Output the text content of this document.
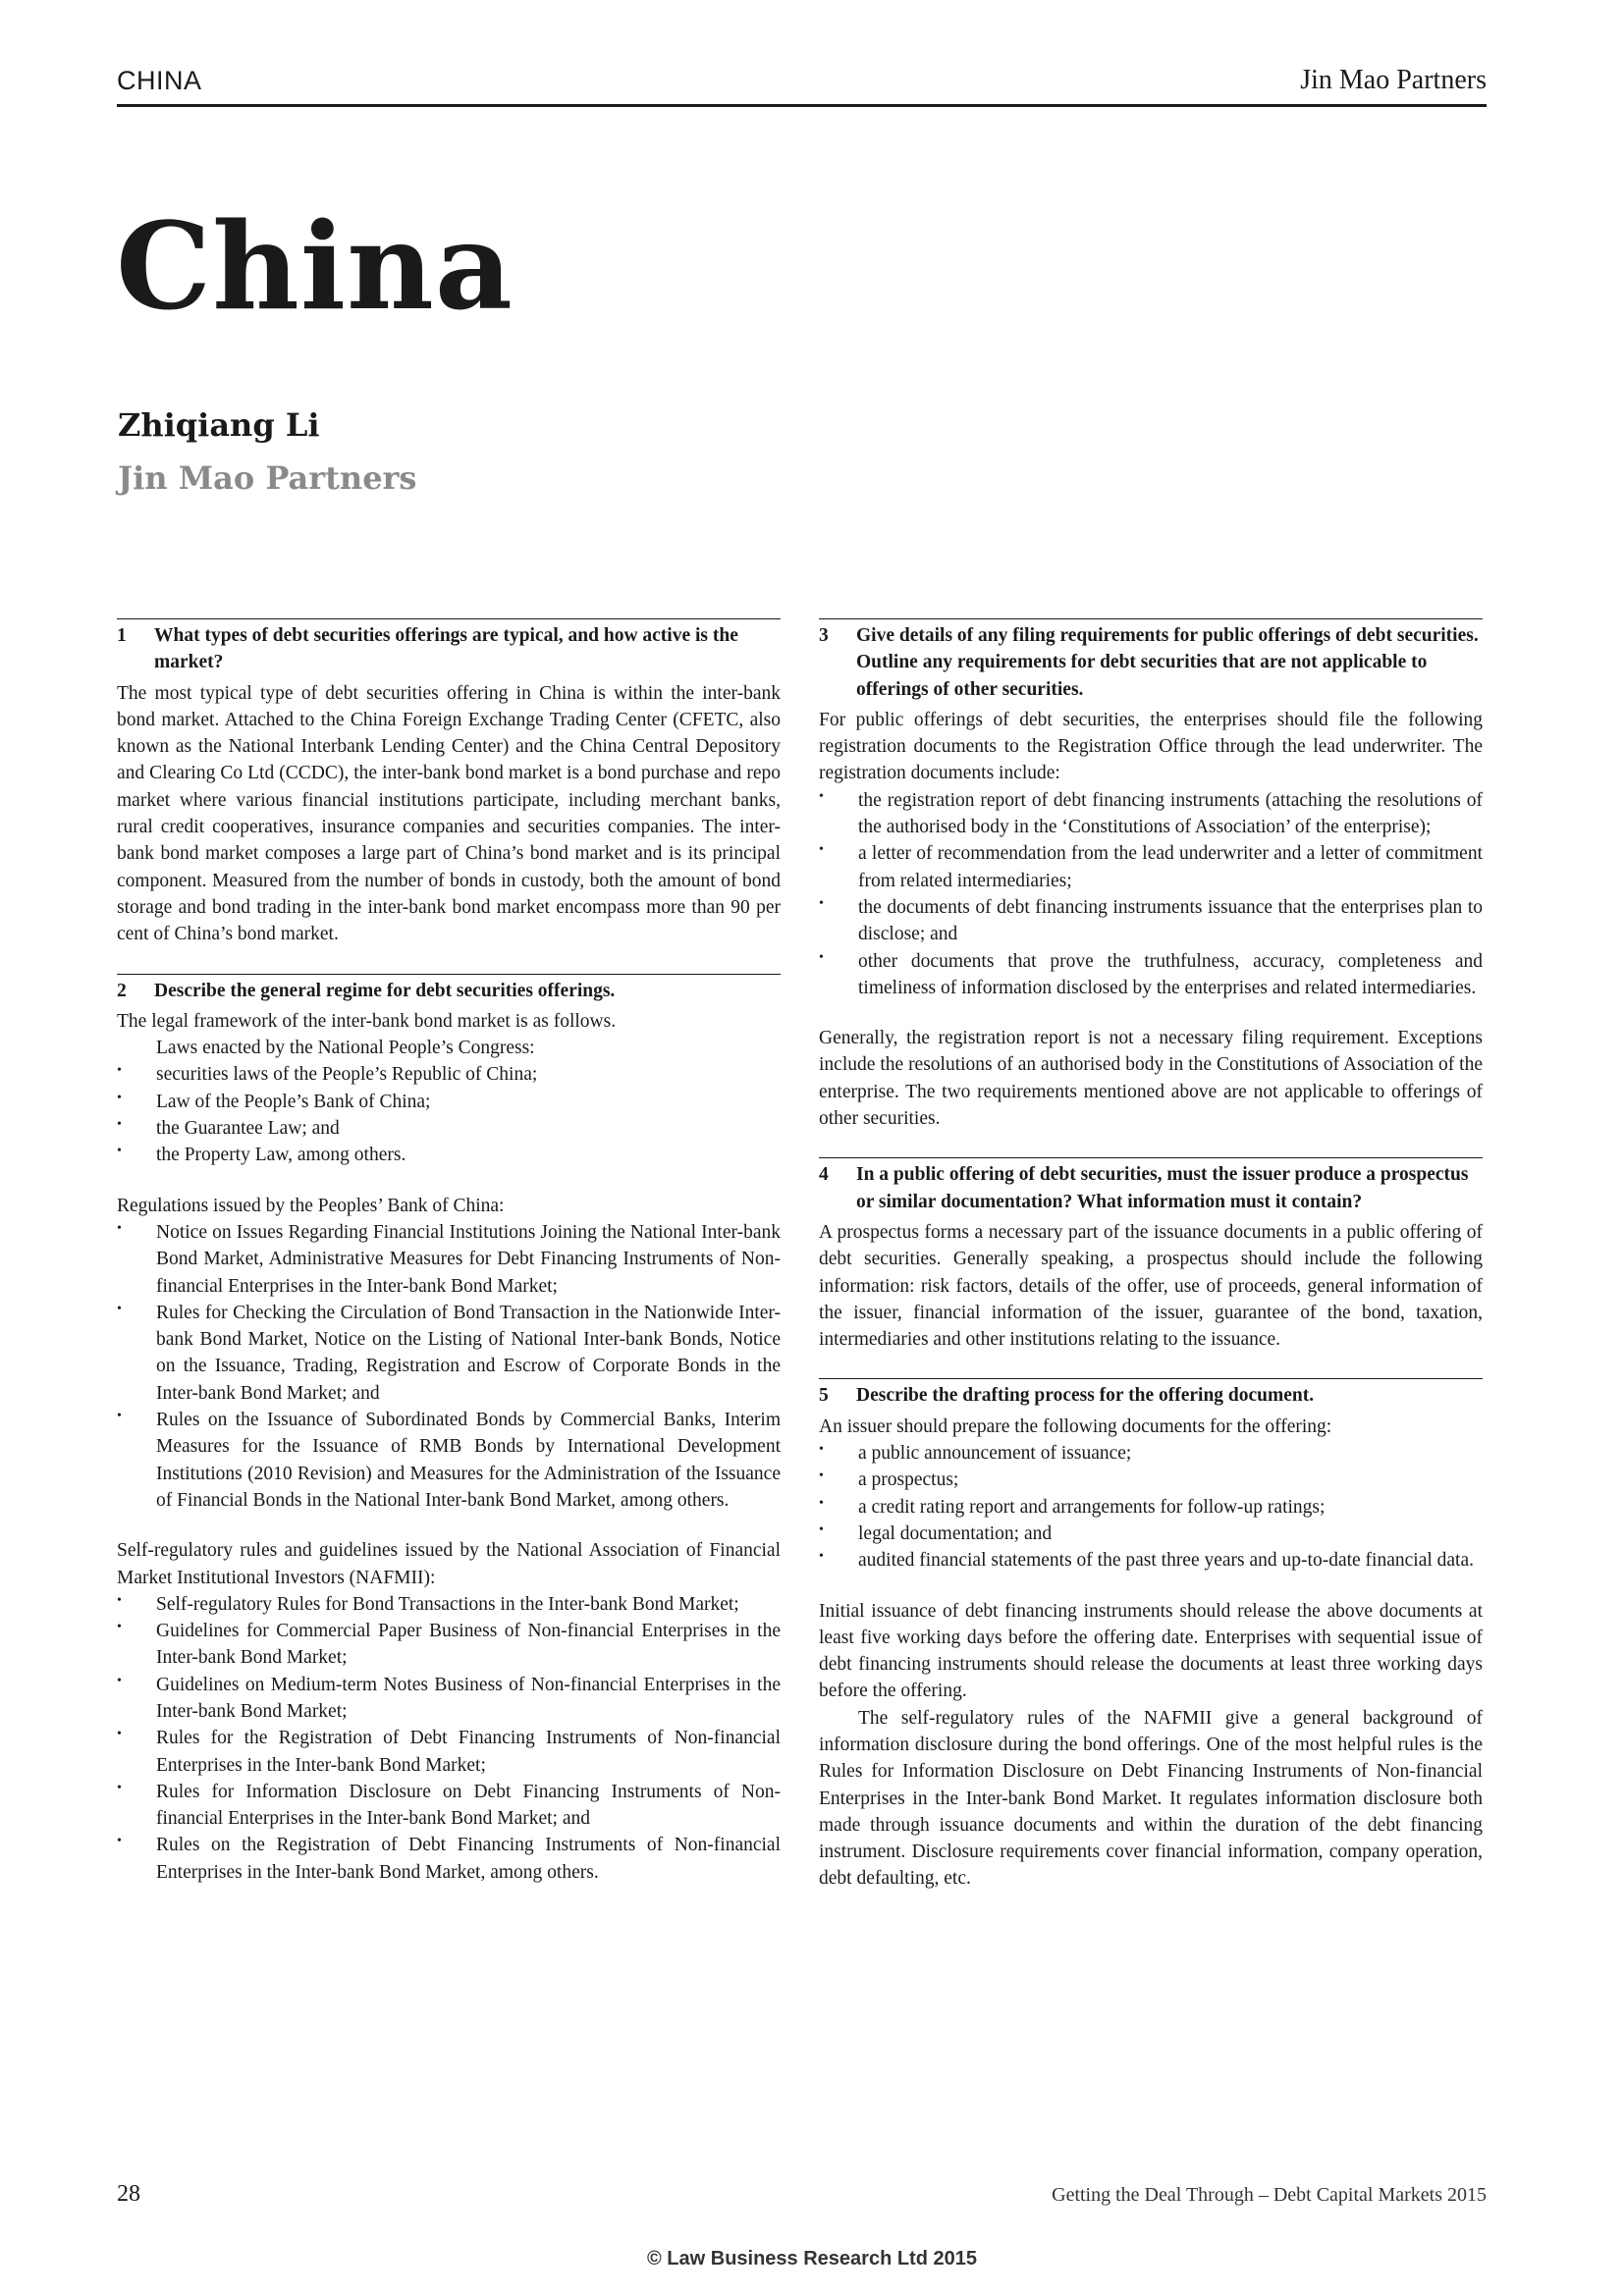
CHINA	Jin Mao Partners
China
Zhiqiang Li
Jin Mao Partners
1	What types of debt securities offerings are typical, and how active is the market?

The most typical type of debt securities offering in China is within the inter-bank bond market. Attached to the China Foreign Exchange Trading Center (CFETC, also known as the National Interbank Lending Center) and the China Central Depository and Clearing Co Ltd (CCDC), the inter-bank bond market is a bond purchase and repo market where various financial institutions participate, including merchant banks, rural credit cooperatives, insurance companies and securities companies. The inter-bank bond market composes a large part of China’s bond market and is its principal component. Measured from the number of bonds in custody, both the amount of bond storage and bond trading in the inter-bank bond market encompass more than 90 per cent of China’s bond market.

2	Describe the general regime for debt securities offerings.

The legal framework of the inter-bank bond market is as follows.

Laws enacted by the National People’s Congress:

• securities laws of the People’s Republic of China;
• Law of the People’s Bank of China;
• the Guarantee Law; and
• the Property Law, among others.

Regulations issued by the Peoples’ Bank of China:

• Notice on Issues Regarding Financial Institutions Joining the National Inter-bank Bond Market, Administrative Measures for Debt Financing Instruments of Non-financial Enterprises in the Inter-bank Bond Market;
• Rules for Checking the Circulation of Bond Transaction in the Nationwide Inter-bank Bond Market, Notice on the Listing of National Inter-bank Bonds, Notice on the Issuance, Trading, Registration and Escrow of Corporate Bonds in the Inter-bank Bond Market; and
• Rules on the Issuance of Subordinated Bonds by Commercial Banks, Interim Measures for the Issuance of RMB Bonds by International Development Institutions (2010 Revision) and Measures for the Administration of the Issuance of Financial Bonds in the National Inter-bank Bond Market, among others.

Self-regulatory rules and guidelines issued by the National Association of Financial Market Institutional Investors (NAFMII):

• Self-regulatory Rules for Bond Transactions in the Inter-bank Bond Market;
• Guidelines for Commercial Paper Business of Non-financial Enterprises in the Inter-bank Bond Market;
• Guidelines on Medium-term Notes Business of Non-financial Enterprises in the Inter-bank Bond Market;
• Rules for the Registration of Debt Financing Instruments of Non-financial Enterprises in the Inter-bank Bond Market;
• Rules for Information Disclosure on Debt Financing Instruments of Non-financial Enterprises in the Inter-bank Bond Market; and
• Rules on the Registration of Debt Financing Instruments of Non-financial Enterprises in the Inter-bank Bond Market, among others.
3	Give details of any filing requirements for public offerings of debt securities. Outline any requirements for debt securities that are not applicable to offerings of other securities.

For public offerings of debt securities, the enterprises should file the following registration documents to the Registration Office through the lead underwriter. The registration documents include:

• the registration report of debt financing instruments (attaching the resolutions of the authorised body in the ‘Constitutions of Association’ of the enterprise);
• a letter of recommendation from the lead underwriter and a letter of commitment from related intermediaries;
• the documents of debt financing instruments issuance that the enterprises plan to disclose; and
• other documents that prove the truthfulness, accuracy, completeness and timeliness of information disclosed by the enterprises and related intermediaries.

Generally, the registration report is not a necessary filing requirement. Exceptions include the resolutions of an authorised body in the Constitutions of Association of the enterprise. The two requirements mentioned above are not applicable to offerings of other securities.

4	In a public offering of debt securities, must the issuer produce a prospectus or similar documentation? What information must it contain?

A prospectus forms a necessary part of the issuance documents in a public offering of debt securities. Generally speaking, a prospectus should include the following information: risk factors, details of the offer, use of proceeds, general information of the issuer, financial information of the issuer, guarantee of the bond, taxation, intermediaries and other institutions relating to the issuance.

5	Describe the drafting process for the offering document.

An issuer should prepare the following documents for the offering:

• a public announcement of issuance;
• a prospectus;
• a credit rating report and arrangements for follow-up ratings;
• legal documentation; and
• audited financial statements of the past three years and up-to-date financial data.

Initial issuance of debt financing instruments should release the above documents at least five working days before the offering date. Enterprises with sequential issue of debt financing instruments should release the documents at least three working days before the offering.

The self-regulatory rules of the NAFMII give a general background of information disclosure during the bond offerings. One of the most helpful rules is the Rules for Information Disclosure on Debt Financing Instruments of Non-financial Enterprises in the Inter-bank Bond Market. It regulates information disclosure both made through issuance documents and within the duration of the debt financing instrument. Disclosure requirements cover financial information, company operation, debt defaulting, etc.

28	Getting the Deal Through – Debt Capital Markets 2015
© Law Business Research Ltd 2015
